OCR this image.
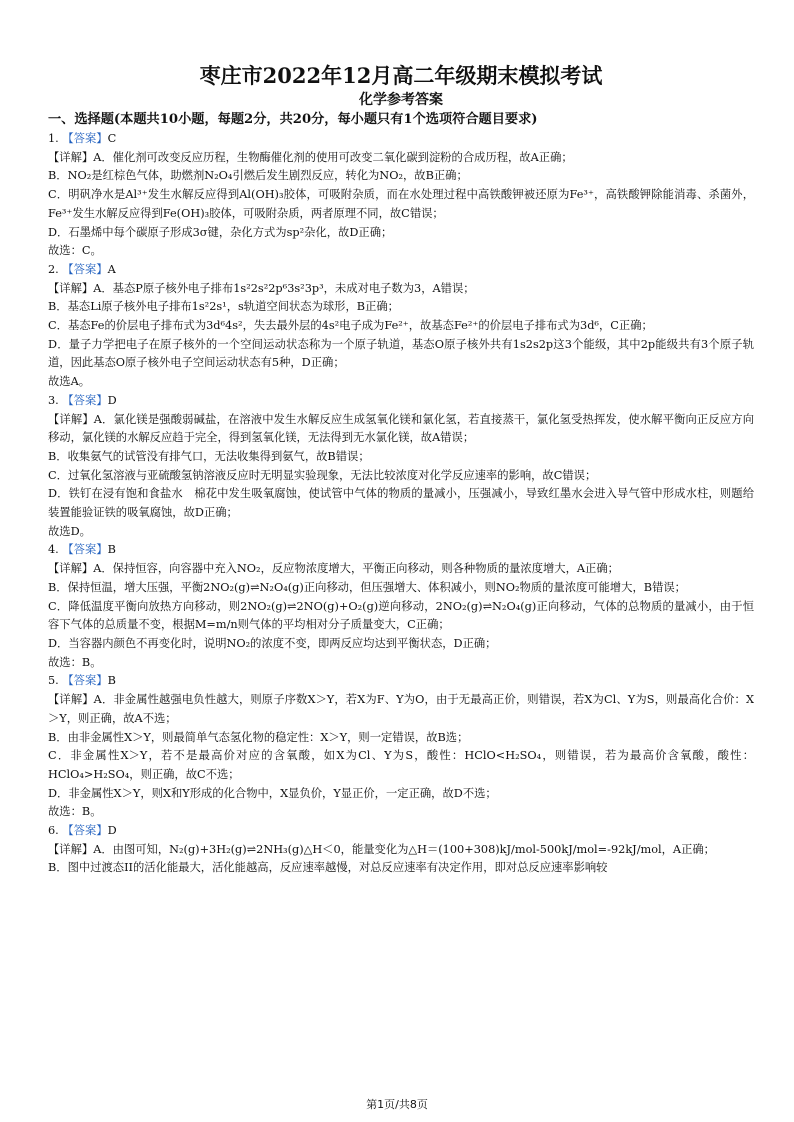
枣庄市2022年12月高二年级期末模拟考试
化学参考答案
一、选择题(本题共10小题，每题2分，共20分，每小题只有1个选项符合题目要求)

1. 【答案】C

【详解】A．催化剂可改变反应历程，生物酶催化剂的使用可改变二氧化碳到淀粉的合成历程，故A正确；

B．NO₂是红棕色气体，助燃剂N₂O₄引燃后发生剧烈反应，转化为NO₂，故B正确；

C．明矾净水是Al³⁺发生水解反应得到Al(OH)₃胶体，可吸附杂质，而在水处理过程中高铁酸钾被还原为Fe³⁺，高铁酸钾除能消毒、杀菌外，Fe³⁺发生水解反应得到Fe(OH)₃胶体，可吸附杂质，两者原理不同，故C错误；

D．石墨烯中每个碳原子形成3σ键，杂化方式为sp²杂化，故D正确；

故选：C。

2. 【答案】A

【详解】A．基态P原子核外电子排布1s²2s²2p⁶3s²3p³，未成对电子数为3，A错误；

B．基态Li原子核外电子排布1s²2s¹，s轨道空间状态为球形，B正确；

C．基态Fe的价层电子排布式为3d⁶4s²，失去最外层的4s²电子成为Fe²⁺，故基态Fe²⁺的价层电子排布式为3d⁶，C正确；

D．量子力学把电子在原子核外的一个空间运动状态称为一个原子轨道，基态O原子核外共有1s2s2p这3个能级，其中2p能级共有3个原子轨道，因此基态O原子核外电子空间运动状态有5种，D正确；

故选A。

3. 【答案】D

【详解】A．氯化镁是强酸弱碱盐，在溶液中发生水解反应生成氢氧化镁和氯化氢，若直接蒸干，氯化氢受热挥发，使水解平衡向正反应方向移动，氯化镁的水解反应趋于完全，得到氢氧化镁，无法得到无水氯化镁，故A错误；

B．收集氨气的试管没有排气口，无法收集得到氨气，故B错误；

C．过氧化氢溶液与亚硫酸氢钠溶液反应时无明显实验现象，无法比较浓度对化学反应速率的影响，故C错误；

D．铁钉在浸有饱和食盐水　棉花中发生吸氧腐蚀，使试管中气体的物质的量减小，压强减小，导致红墨水会进入导气管中形成水柱，则题给装置能验证铁的吸氧腐蚀，故D正确；

故选D。

4. 【答案】B

【详解】A．保持恒容，向容器中充入NO₂，反应物浓度增大，平衡正向移动，则各种物质的量浓度增大，A正确；

B．保持恒温，增大压强，平衡2NO₂(g)⇌N₂O₄(g)正向移动，但压强增大、体积减小，则NO₂物质的量浓度可能增大，B错误；

C．降低温度平衡向放热方向移动，则2NO₂(g)⇌2NO(g)+O₂(g)逆向移动，2NO₂(g)⇌N₂O₄(g)正向移动，气体的总物质的量减小，由于恒容下气体的总质量不变，根据M=m/n则气体的平均相对分子质量变大，C正确；

D．当容器内颜色不再变化时，说明NO₂的浓度不变，即两反应均达到平衡状态，D正确；

故选：B。

5. 【答案】B

【详解】A．非金属性越强电负性越大，则原子序数X＞Y，若X为F、Y为O，由于无最高正价，则错误，若X为Cl、Y为S，则最高化合价：X＞Y，则正确，故A不选；

B．由非金属性X＞Y，则最简单气态氢化物的稳定性：X＞Y，则一定错误，故B选；

C．非金属性X＞Y，若不是最高价对应的含氧酸，如X为Cl、Y为S，酸性：HClO<H₂SO₄，则错误，若为最高价含氧酸，酸性：HClO₄>H₂SO₄，则正确，故C不选；

D．非金属性X＞Y，则X和Y形成的化合物中，X显负价，Y显正价，一定正确，故D不选；

故选：B。

6. 【答案】D

【详解】A．由图可知，N₂(g)+3H₂(g)⇌2NH₃(g)△H＜0，能量变化为△H＝(100+308)kJ/mol-500kJ/mol=-92kJ/mol，A正确；

B．图中过渡态II的活化能最大，活化能越高，反应速率越慢，对总反应速率有决定作用，即对总反应速率影响较

第1页/共8页
